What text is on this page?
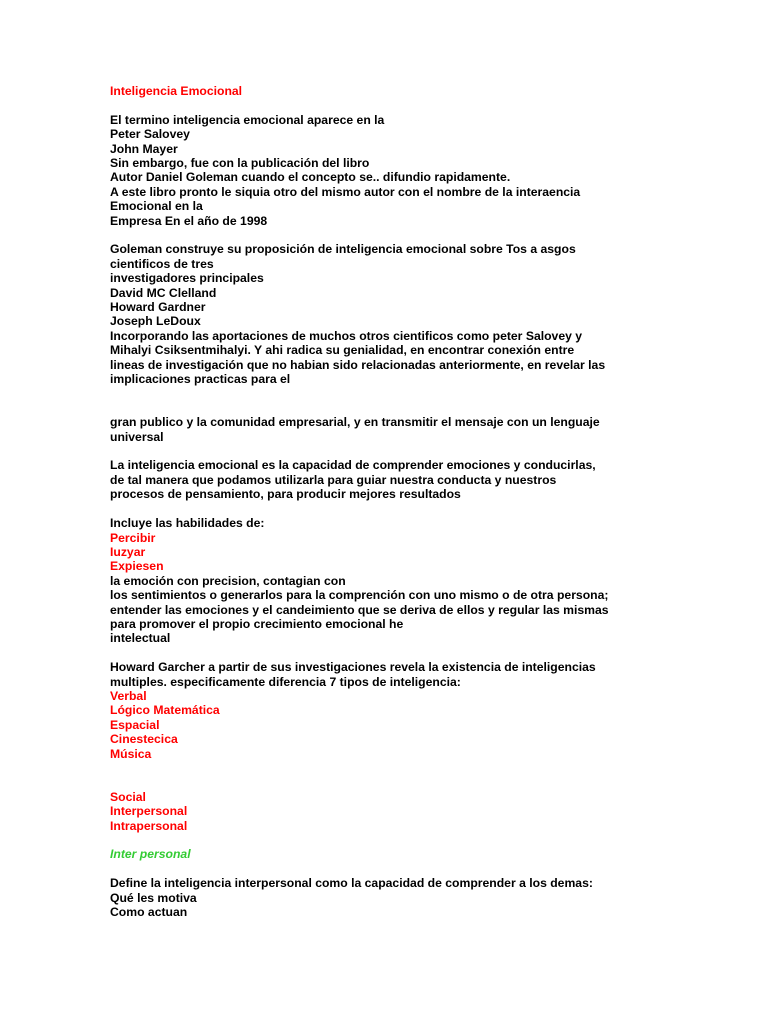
Inteligencia Emocional
El termino inteligencia emocional aparece en la
Peter Salovey
John Mayer
Sin embargo, fue con la publicación del libro
Autor Daniel Goleman cuando el concepto se.. difundio rapidamente.
A este libro pronto le siquia otro del mismo autor con el nombre de la interaencia
Emocional en la
Empresa En el año de 1998
Goleman construye su proposición de inteligencia emocional sobre Tos a asgos
cientificos de tres
investigadores principales
David MC Clelland
Howard Gardner
Joseph LeDoux
Incorporando las aportaciones de muchos otros cientificos como peter Salovey y
Mihalyi Csiksentmihalyi. Y ahi radica su genialidad, en encontrar conexión entre
lineas de investigación que no habian sido relacionadas anteriormente, en revelar las
implicaciones practicas para el
gran publico y la comunidad empresarial, y en transmitir el mensaje con un lenguaje
universal
La inteligencia emocional es la capacidad de comprender emociones y conducirlas,
de tal manera que podamos utilizarla para guiar nuestra conducta y nuestros
procesos de pensamiento, para producir mejores resultados
Incluye las habilidades de:
Percibir
Iuzyar
Expiesen
la emoción con precision, contagian con
los sentimientos o generarlos para la comprención con uno mismo o de otra persona;
entender las emociones y el candeimiento que se deriva de ellos y regular las mismas
para promover el propio crecimiento emocional he
intelectual
Howard Garcher a partir de sus investigaciones revela la existencia de inteligencias
multiples. especificamente diferencia 7 tipos de inteligencia:
Verbal
Lógico Matemática
Espacial
Cinestecica
Música
Social
Interpersonal
Intrapersonal
Inter personal
Define la inteligencia interpersonal como la capacidad de comprender a los demas:
Qué les motiva
Como actuan
